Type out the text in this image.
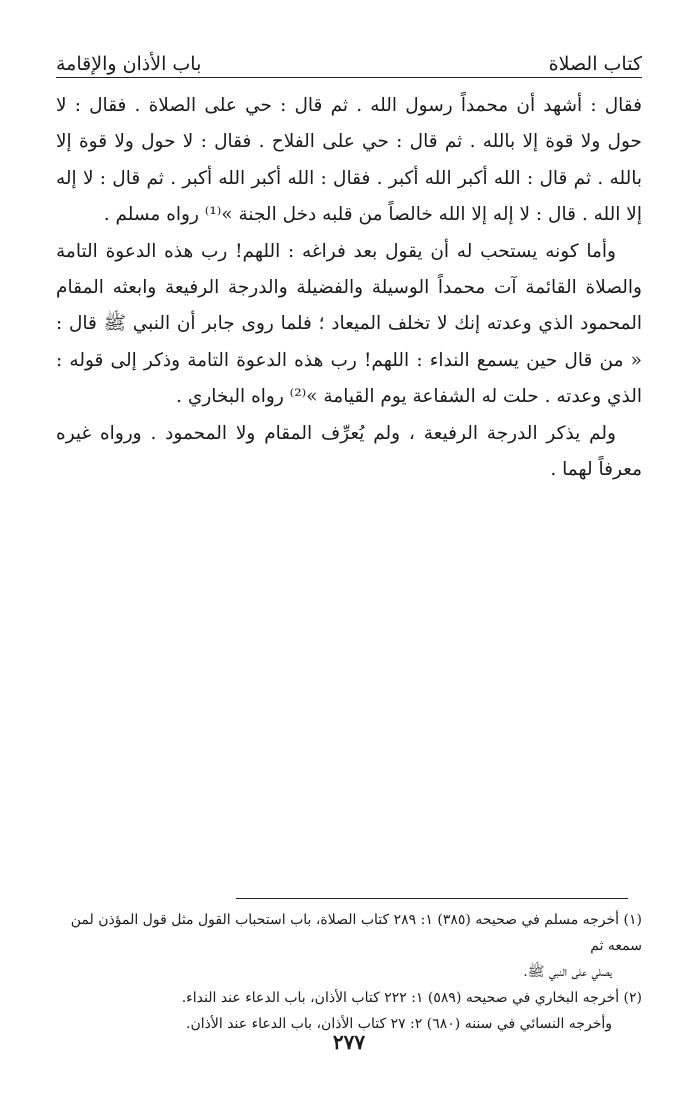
كتاب الصلاة
باب الأذان والإقامة

فقال : أشهد أن محمداً رسول الله . ثم قال : حي على الصلاة . فقال : لا حول ولا قوة إلا بالله . ثم قال : حي على الفلاح . فقال : لا حول ولا قوة إلا بالله . ثم قال : الله أكبر الله أكبر . فقال : الله أكبر الله أكبر . ثم قال : لا إله إلا الله . قال : لا إله إلا الله خالصاً من قلبه دخل الجنة »⁽¹⁾ رواه مسلم .

وأما كونه يستحب له أن يقول بعد فراغه : اللهم! رب هذه الدعوة التامة والصلاة القائمة آت محمداً الوسيلة والفضيلة والدرجة الرفيعة وابعثه المقام المحمود الذي وعدته إنك لا تخلف الميعاد ؛ فلما روى جابر أن النبي ﷺ قال : « من قال حين يسمع النداء : اللهم! رب هذه الدعوة التامة وذكر إلى قوله : الذي وعدته . حلت له الشفاعة يوم القيامة »⁽²⁾ رواه البخاري .

ولم يذكر الدرجة الرفيعة ، ولم يُعرِّف المقام ولا المحمود . ورواه غيره معرفاً لهما .

(١) أخرجه مسلم في صحيحه (٣٨٥) ١: ٢٨٩ كتاب الصلاة، باب استحباب القول مثل قول المؤذن لمن سمعه ثم

يصلي على النبي ﷺ.

(٢) أخرجه البخاري في صحيحه (٥٨٩) ١: ٢٢٢ كتاب الأذان، باب الدعاء عند النداء.

وأخرجه النسائي في سننه (٦٨٠) ٢: ٢٧ كتاب الأذان، باب الدعاء عند الأذان.

٢٧٧
